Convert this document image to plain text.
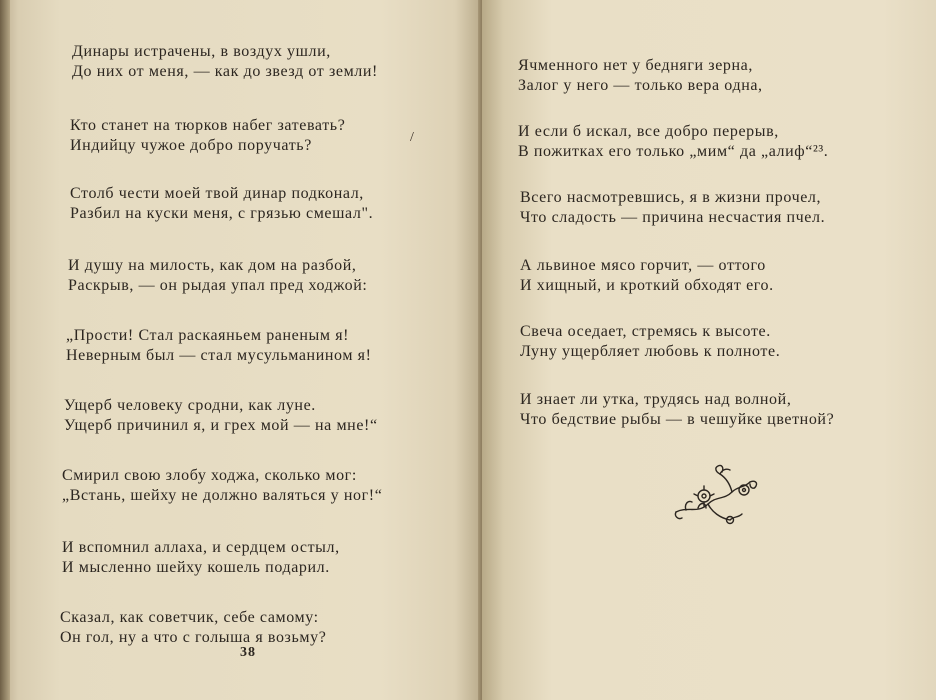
Динары истрачены, в воздух ушли,
До них от меня, — как до звезд от земли!
Кто станет на тюрков набег затевать?
Индийцу чужое добро поручать?
Столб чести моей твой динар подконал,
Разбил на куски меня, с грязью смешал".
И душу на милость, как дом на разбой,
Раскрыв, — он рыдая упал пред ходжой:
„Прости! Стал раскаяньем раненым я!
Неверным был — стал мусульманином я!
Ущерб человеку сродни, как луне.
Ущерб причинил я, и грех мой — на мне!“
Смирил свою злобу ходжа, сколько мог:
„Встань, шейху не должно валяться у ног!“
И вспомнил аллаха, и сердцем остыл,
И мысленно шейху кошель подарил.
Сказал, как советчик, себе самому:
Он гол, ну а что с голыша я возьму?
/
38
Ячменного нет у бедняги зерна,
Залог у него — только вера одна,
И если б искал, все добро перерыв,
В пожитках его только „мим“ да „алиф“²³.
Всего насмотревшись, я в жизни прочел,
Что сладость — причина несчастия пчел.
А львиное мясо горчит, — оттого
И хищный, и кроткий обходят его.
Свеча оседает, стремясь к высоте.
Луну ущербляет любовь к полноте.
И знает ли утка, трудясь над волной,
Что бедствие рыбы — в чешуйке цветной?
